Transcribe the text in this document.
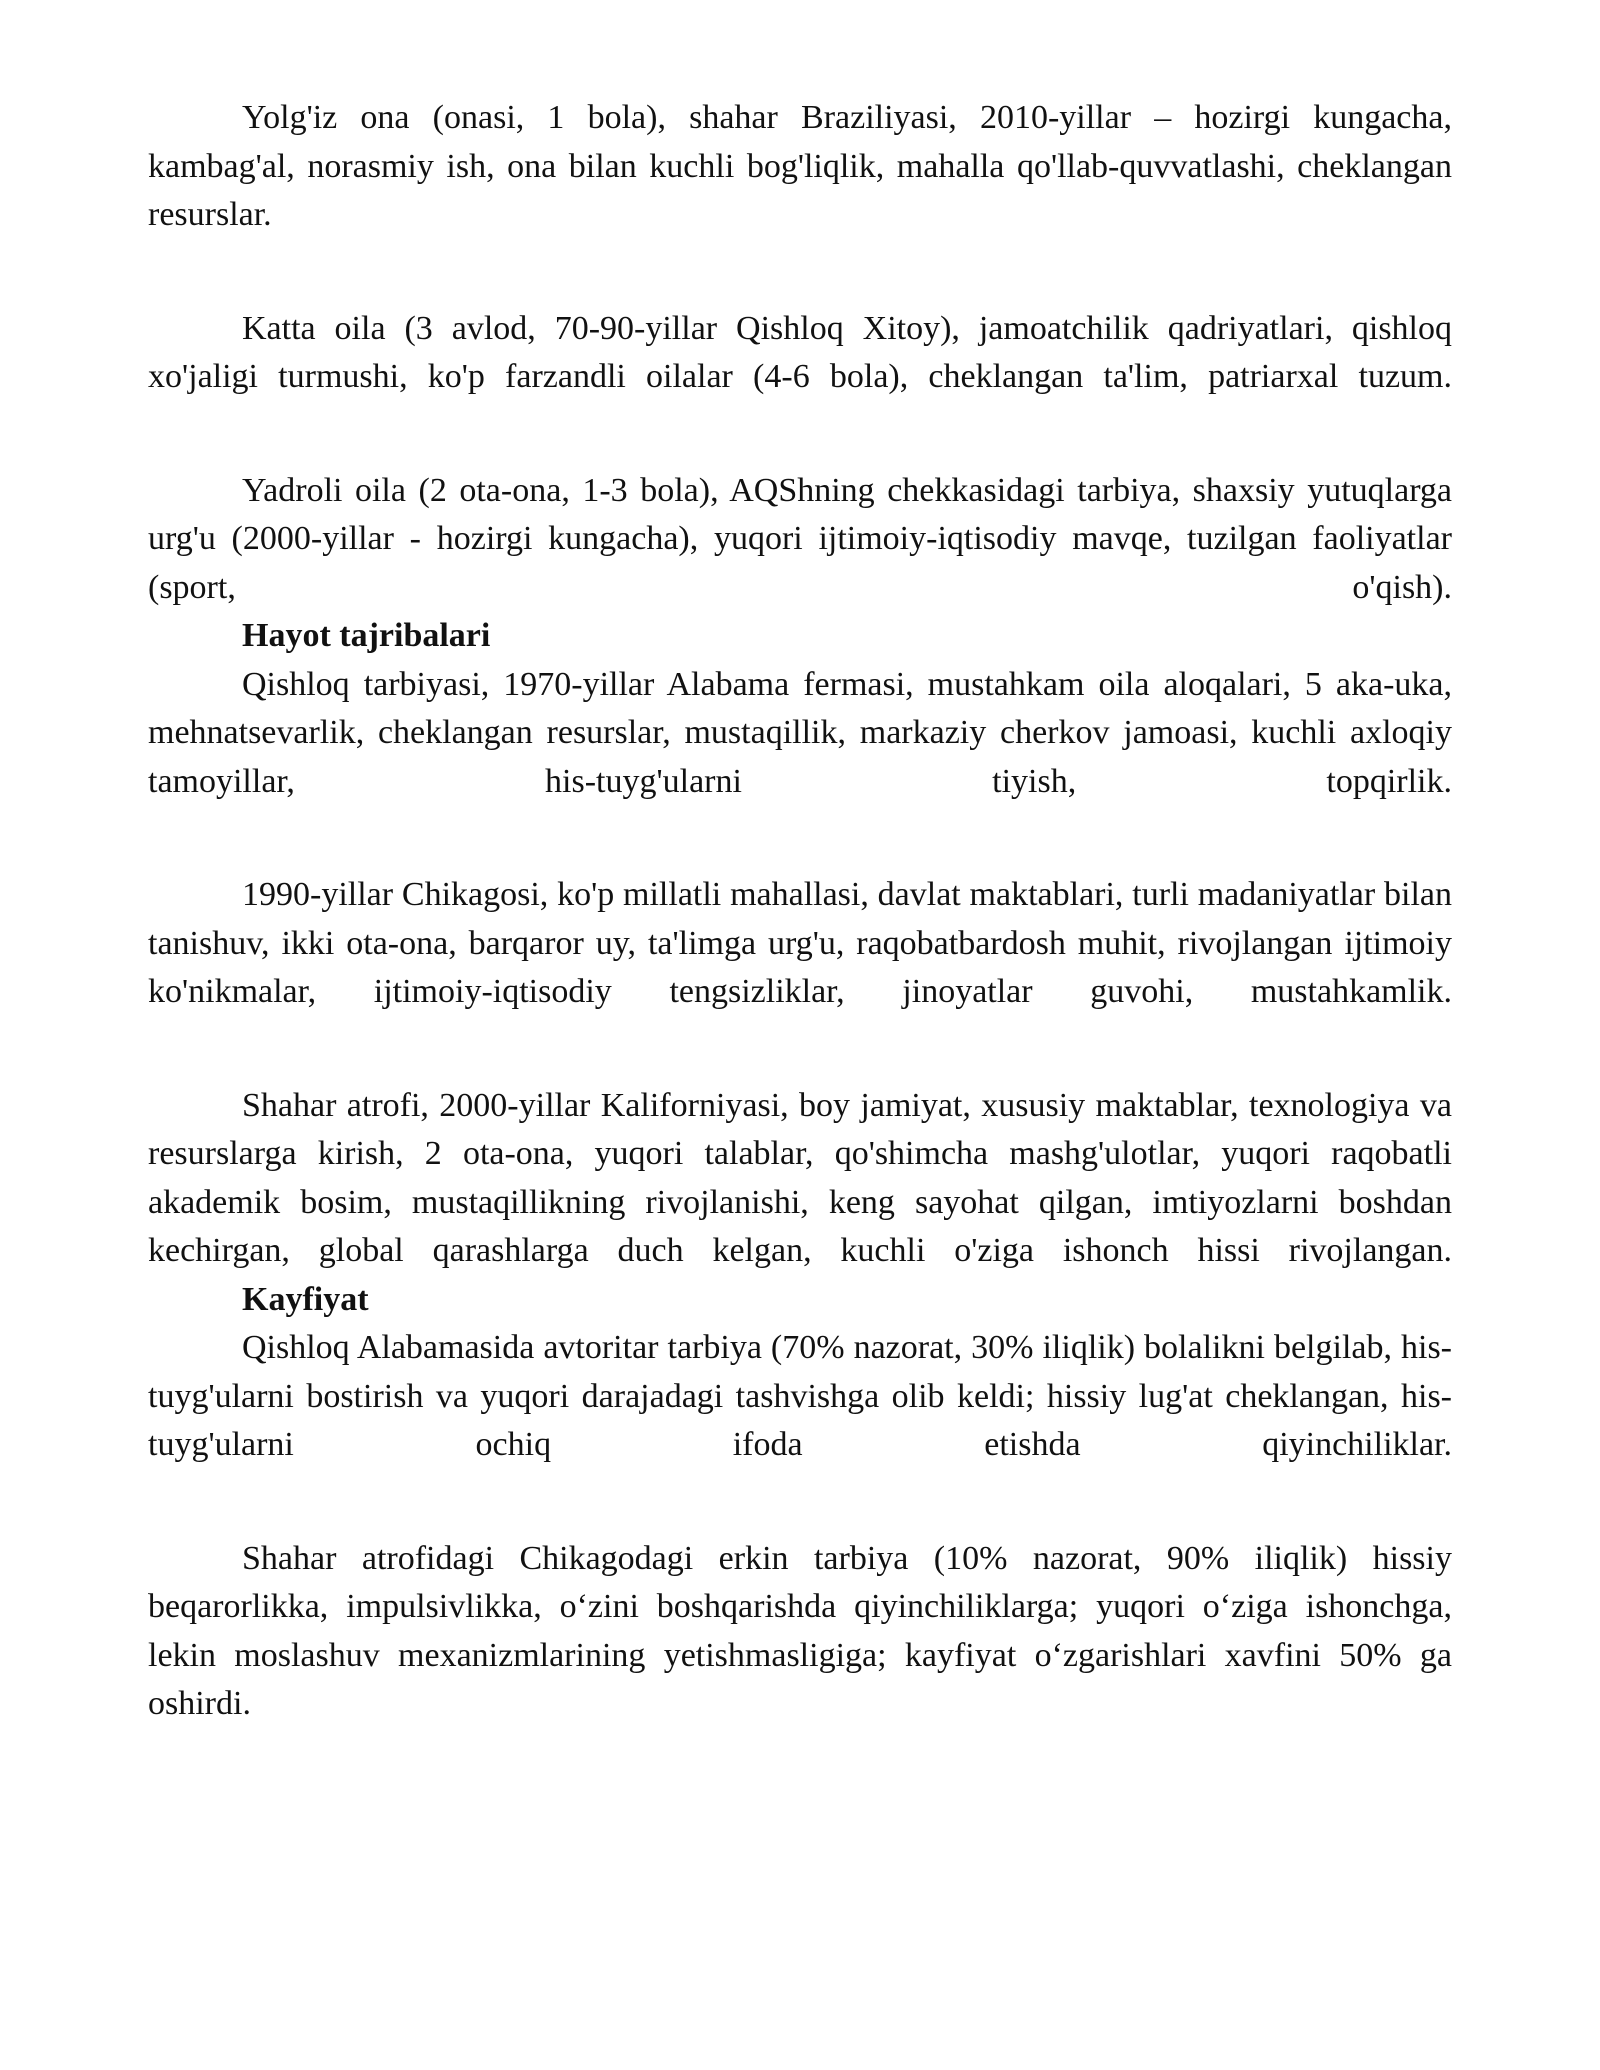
Yolg'iz ona (onasi, 1 bola), shahar Braziliyasi, 2010-yillar – hozirgi kungacha, kambag'al, norasmiy ish, ona bilan kuchli bog'liqlik, mahalla qo'llab-quvvatlashi, cheklangan resurslar.

Katta oila (3 avlod, 70-90-yillar Qishloq Xitoy), jamoatchilik qadriyatlari, qishloq xo'jaligi turmushi, ko'p farzandli oilalar (4-6 bola), cheklangan ta'lim, patriarxal tuzum.

Yadroli oila (2 ota-ona, 1-3 bola), AQShning chekkasidagi tarbiya, shaxsiy yutuqlarga urg'u (2000-yillar - hozirgi kungacha), yuqori ijtimoiy-iqtisodiy mavqe, tuzilgan faoliyatlar (sport, o'qish).

Hayot tajribalari

Qishloq tarbiyasi, 1970-yillar Alabama fermasi, mustahkam oila aloqalari, 5 aka-uka, mehnatsevarlik, cheklangan resurslar, mustaqillik, markaziy cherkov jamoasi, kuchli axloqiy tamoyillar, his-tuyg'ularni tiyish, topqirlik.

1990-yillar Chikagosi, ko'p millatli mahallasi, davlat maktablari, turli madaniyatlar bilan tanishuv, ikki ota-ona, barqaror uy, ta'limga urg'u, raqobatbardosh muhit, rivojlangan ijtimoiy ko'nikmalar, ijtimoiy-iqtisodiy tengsizliklar, jinoyatlar guvohi, mustahkamlik.

Shahar atrofi, 2000-yillar Kaliforniyasi, boy jamiyat, xususiy maktablar, texnologiya va resurslarga kirish, 2 ota-ona, yuqori talablar, qo'shimcha mashg'ulotlar, yuqori raqobatli akademik bosim, mustaqillikning rivojlanishi, keng sayohat qilgan, imtiyozlarni boshdan kechirgan, global qarashlarga duch kelgan, kuchli o'ziga ishonch hissi rivojlangan.

Kayfiyat

Qishloq Alabamasida avtoritar tarbiya (70% nazorat, 30% iliqlik) bolalikni belgilab, his-tuyg'ularni bostirish va yuqori darajadagi tashvishga olib keldi; hissiy lug'at cheklangan, his-tuyg'ularni ochiq ifoda etishda qiyinchiliklar.

Shahar atrofidagi Chikagodagi erkin tarbiya (10% nazorat, 90% iliqlik) hissiy beqarorlikka, impulsivlikka, o‘zini boshqarishda qiyinchiliklarga; yuqori o‘ziga ishonchga, lekin moslashuv mexanizmlarining yetishmasligiga; kayfiyat o‘zgarishlari xavfini 50% ga oshirdi.
